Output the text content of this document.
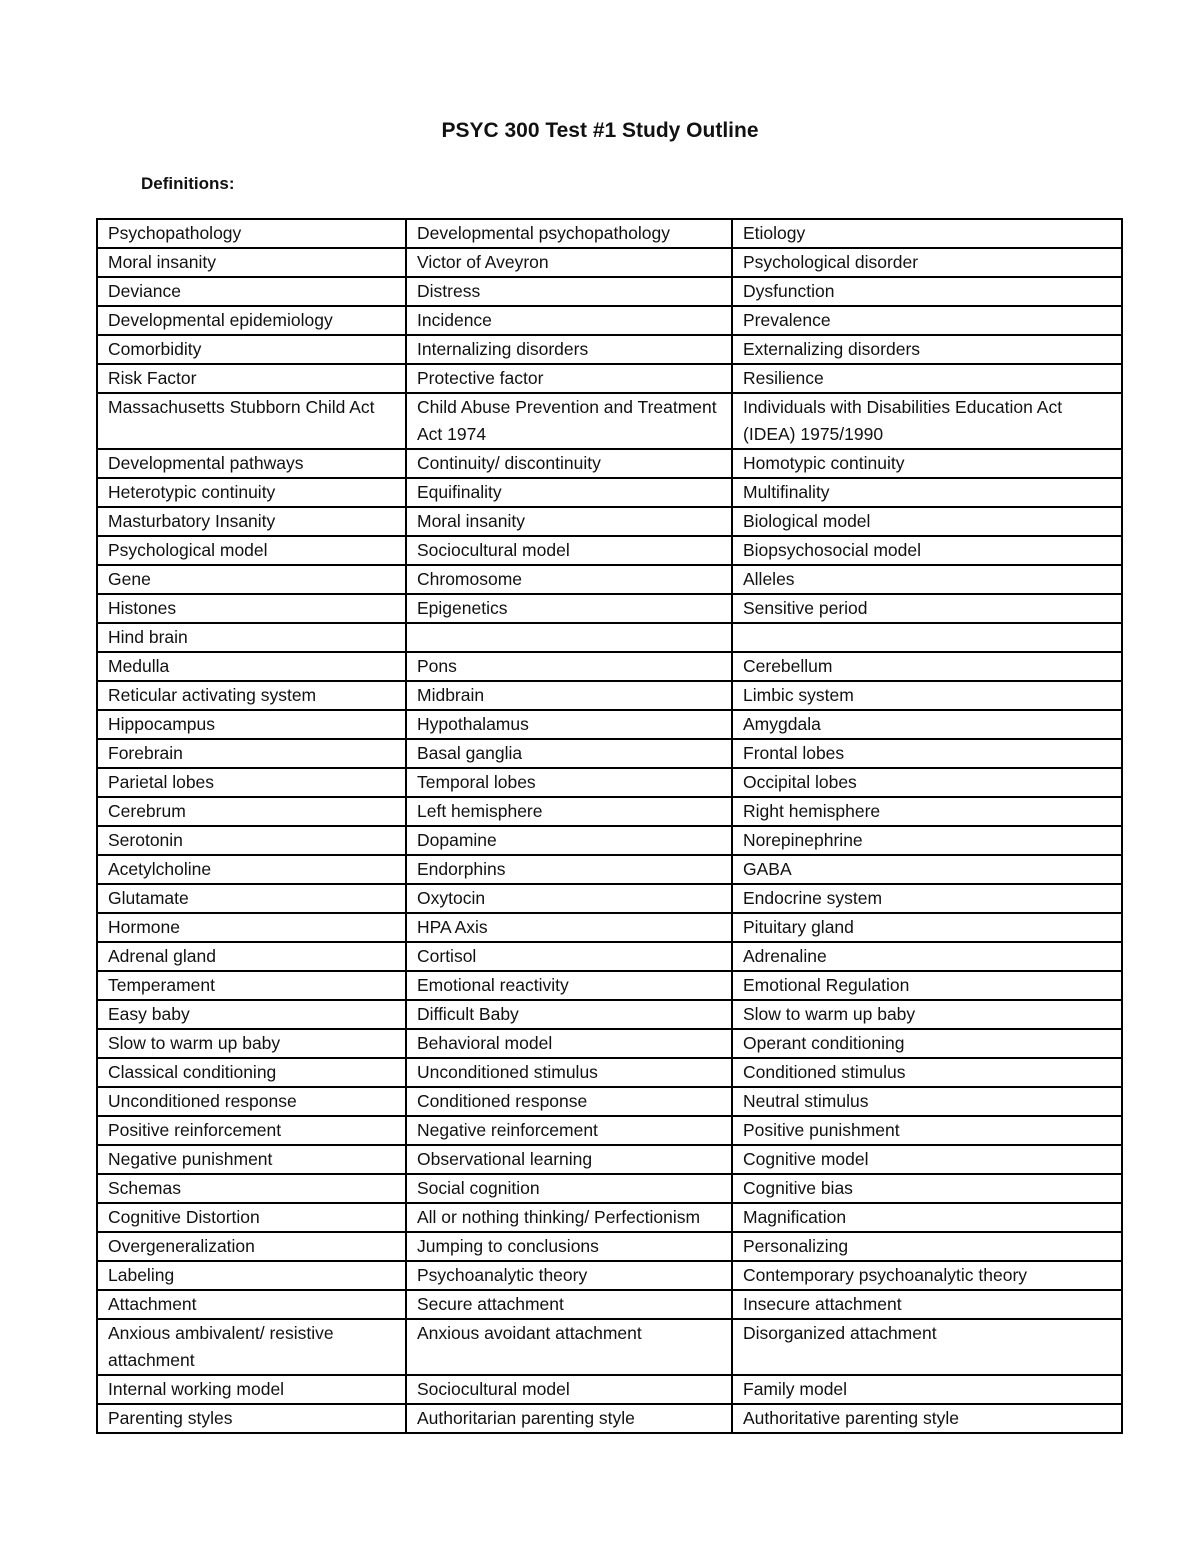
PSYC 300 Test #1 Study Outline
Definitions:
Psychopathology	Developmental psychopathology	Etiology
Moral insanity	Victor of Aveyron	Psychological disorder
Deviance	Distress	Dysfunction
Developmental epidemiology	Incidence	Prevalence
Comorbidity	Internalizing disorders	Externalizing disorders
Risk Factor	Protective factor	Resilience
Massachusetts Stubborn Child Act	Child Abuse Prevention and Treatment Act 1974	Individuals with Disabilities Education Act (IDEA) 1975/1990
Developmental pathways	Continuity/ discontinuity	Homotypic continuity
Heterotypic continuity	Equifinality	Multifinality
Masturbatory Insanity	Moral insanity	Biological model
Psychological model	Sociocultural model	Biopsychosocial model
Gene	Chromosome	Alleles
Histones	Epigenetics	Sensitive period
Hind brain		
Medulla	Pons	Cerebellum
Reticular activating system	Midbrain	Limbic system
Hippocampus	Hypothalamus	Amygdala
Forebrain	Basal ganglia	Frontal lobes
Parietal lobes	Temporal lobes	Occipital lobes
Cerebrum	Left hemisphere	Right hemisphere
Serotonin	Dopamine	Norepinephrine
Acetylcholine	Endorphins	GABA
Glutamate	Oxytocin	Endocrine system
Hormone	HPA Axis	Pituitary gland
Adrenal gland	Cortisol	Adrenaline
Temperament	Emotional reactivity	Emotional Regulation
Easy baby	Difficult Baby	Slow to warm up baby
Slow to warm up baby	Behavioral model	Operant conditioning
Classical conditioning	Unconditioned stimulus	Conditioned stimulus
Unconditioned response	Conditioned response	Neutral stimulus
Positive reinforcement	Negative reinforcement	Positive punishment
Negative punishment	Observational learning	Cognitive model
Schemas	Social cognition	Cognitive bias
Cognitive Distortion	All or nothing thinking/ Perfectionism	Magnification
Overgeneralization	Jumping to conclusions	Personalizing
Labeling	Psychoanalytic theory	Contemporary psychoanalytic theory
Attachment	Secure attachment	Insecure attachment
Anxious ambivalent/ resistive attachment	Anxious avoidant attachment	Disorganized attachment
Internal working model	Sociocultural model	Family model
Parenting styles	Authoritarian parenting style	Authoritative parenting style
